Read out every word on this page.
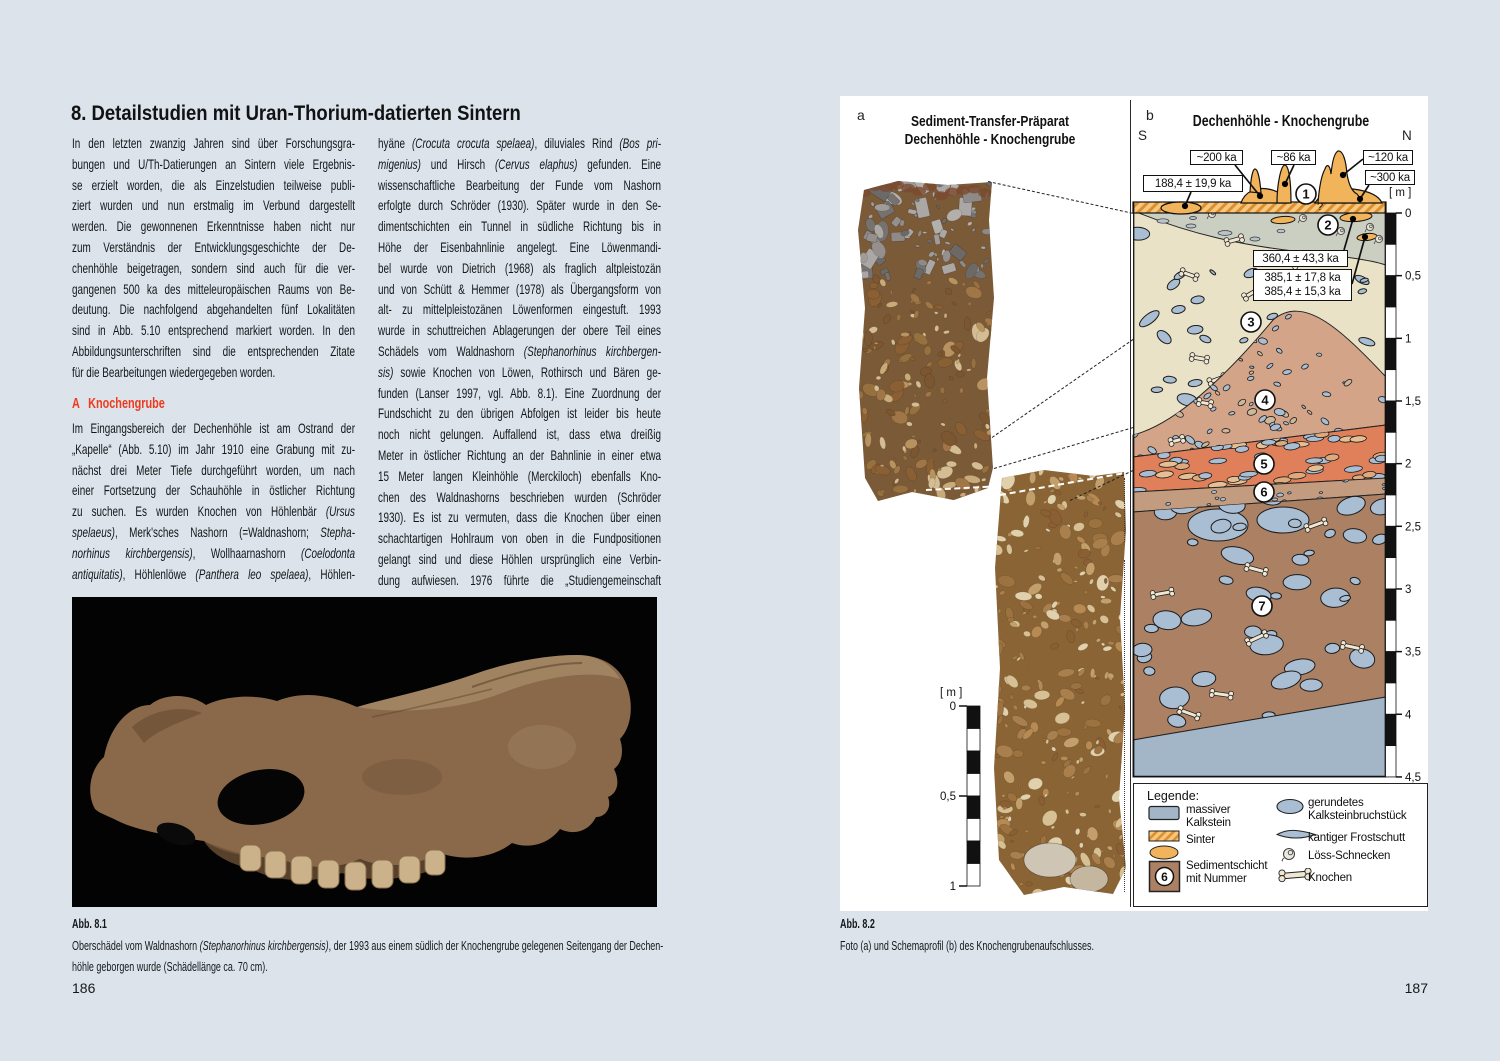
8. Detailstudien mit Uran-Thorium-datierten Sintern
In den letzten zwanzig Jahren sind über Forschungsgra-
bungen und U/Th-Datierungen an Sintern viele Ergebnis-
se erzielt worden, die als Einzelstudien teilweise publi-
ziert wurden und nun erstmalig im Verbund dargestellt
werden. Die gewonnenen Erkenntnisse haben nicht nur
zum Verständnis der Entwicklungsgeschichte der De-
chenhöhle beigetragen, sondern sind auch für die ver-
gangenen 500 ka des mitteleuropäischen Raums von Be-
deutung. Die nachfolgend abgehandelten fünf Lokalitäten
sind in Abb. 5.10 entsprechend markiert worden. In den
Abbildungsunterschriften sind die entsprechenden Zitate
für die Bearbeitungen wiedergegeben worden.
A Knochengrube
Im Eingangsbereich der Dechenhöhle ist am Ostrand der
„Kapelle“ (Abb. 5.10) im Jahr 1910 eine Grabung mit zu-
nächst drei Meter Tiefe durchgeführt worden, um nach
einer Fortsetzung der Schauhöhle in östlicher Richtung
zu suchen. Es wurden Knochen von Höhlenbär (Ursus
spelaeus), Merk'sches Nashorn (=Waldnashorn; Stepha-
norhinus kirchbergensis), Wollhaarnashorn (Coelodonta
antiquitatis), Höhlenlöwe (Panthera leo spelaea), Höhlen-
hyäne (Crocuta crocuta spelaea), diluviales Rind (Bos pri-
migenius) und Hirsch (Cervus elaphus) gefunden. Eine
wissenschaftliche Bearbeitung der Funde vom Nashorn
erfolgte durch Schröder (1930). Später wurde in den Se-
dimentschichten ein Tunnel in südliche Richtung bis in
Höhe der Eisenbahnlinie angelegt. Eine Löwenmandi-
bel wurde von Dietrich (1968) als fraglich altpleistozän
und von Schütt & Hemmer (1978) als Übergangsform von
alt- zu mittelpleistozänen Löwenformen eingestuft. 1993
wurde in schuttreichen Ablagerungen der obere Teil eines
Schädels vom Waldnashorn (Stephanorhinus kirchbergen-
sis) sowie Knochen von Löwen, Rothirsch und Bären ge-
funden (Lanser 1997, vgl. Abb. 8.1). Eine Zuordnung der
Fundschicht zu den übrigen Abfolgen ist leider bis heute
noch nicht gelungen. Auffallend ist, dass etwa dreißig
Meter in östlicher Richtung an der Bahnlinie in einer etwa
15 Meter langen Kleinhöhle (Merckiloch) ebenfalls Kno-
chen des Waldnashorns beschrieben wurden (Schröder
1930). Es ist zu vermuten, dass die Knochen über einen
schachtartigen Hohlraum von oben in die Fundpositionen
gelangt sind und diese Höhlen ursprünglich eine Verbin-
dung aufwiesen. 1976 führte die „Studiengemeinschaft
Abb. 8.1
Oberschädel vom Waldnashorn (Stephanorhinus kirchbergensis), der 1993 aus einem südlich der Knochengrube gelegenen Seitengang der Dechen-
höhle geborgen wurde (Schädellänge ca. 70 cm).
186
a	Sediment-Transfer-Präparat
Dechenhöhle - Knochengrube
[ m ]
0
0,5
1
b	Dechenhöhle - Knochengrube
S	N
Legende:
massiver
Kalkstein
Sinter
6
Sedimentschicht
mit Nummer
gerundetes
Kalksteinbruchstück
kantiger Frostschutt
Löss-Schnecken
Knochen
1
2
3
4
5
6
7
?
0
0,5
1
1,5
2
2,5
3
3,5
4
4,5
[ m ]
188,4 ± 19,9 ka
~200 ka	~86 ka	~120 ka
~300 ka
360,4 ± 43,3 ka
385,1 ± 17,8 ka
385,4 ± 15,3 ka
Abb. 8.2
Foto (a) und Schemaprofil (b) des Knochengrubenaufschlusses.
187
